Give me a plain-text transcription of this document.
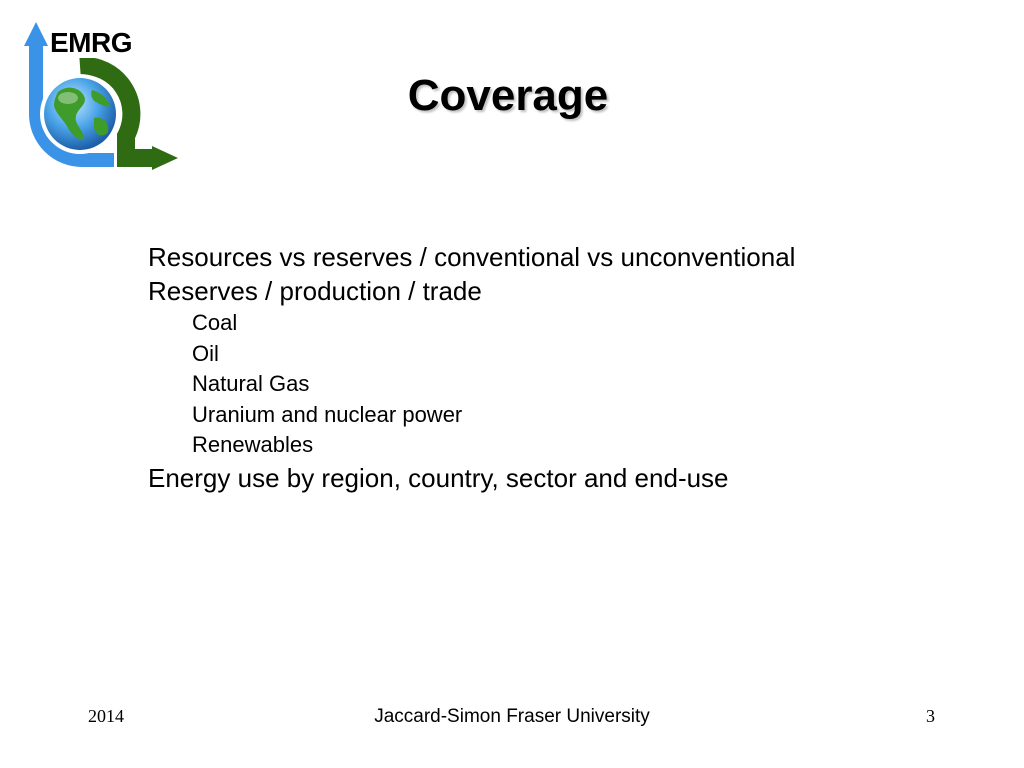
EMRG
Coverage
Resources vs reserves / conventional vs unconventional
Reserves / production / trade
Coal
Oil
Natural Gas
Uranium and nuclear power
Renewables
Energy use by region, country, sector and end-use
2014	Jaccard-Simon Fraser University	3
